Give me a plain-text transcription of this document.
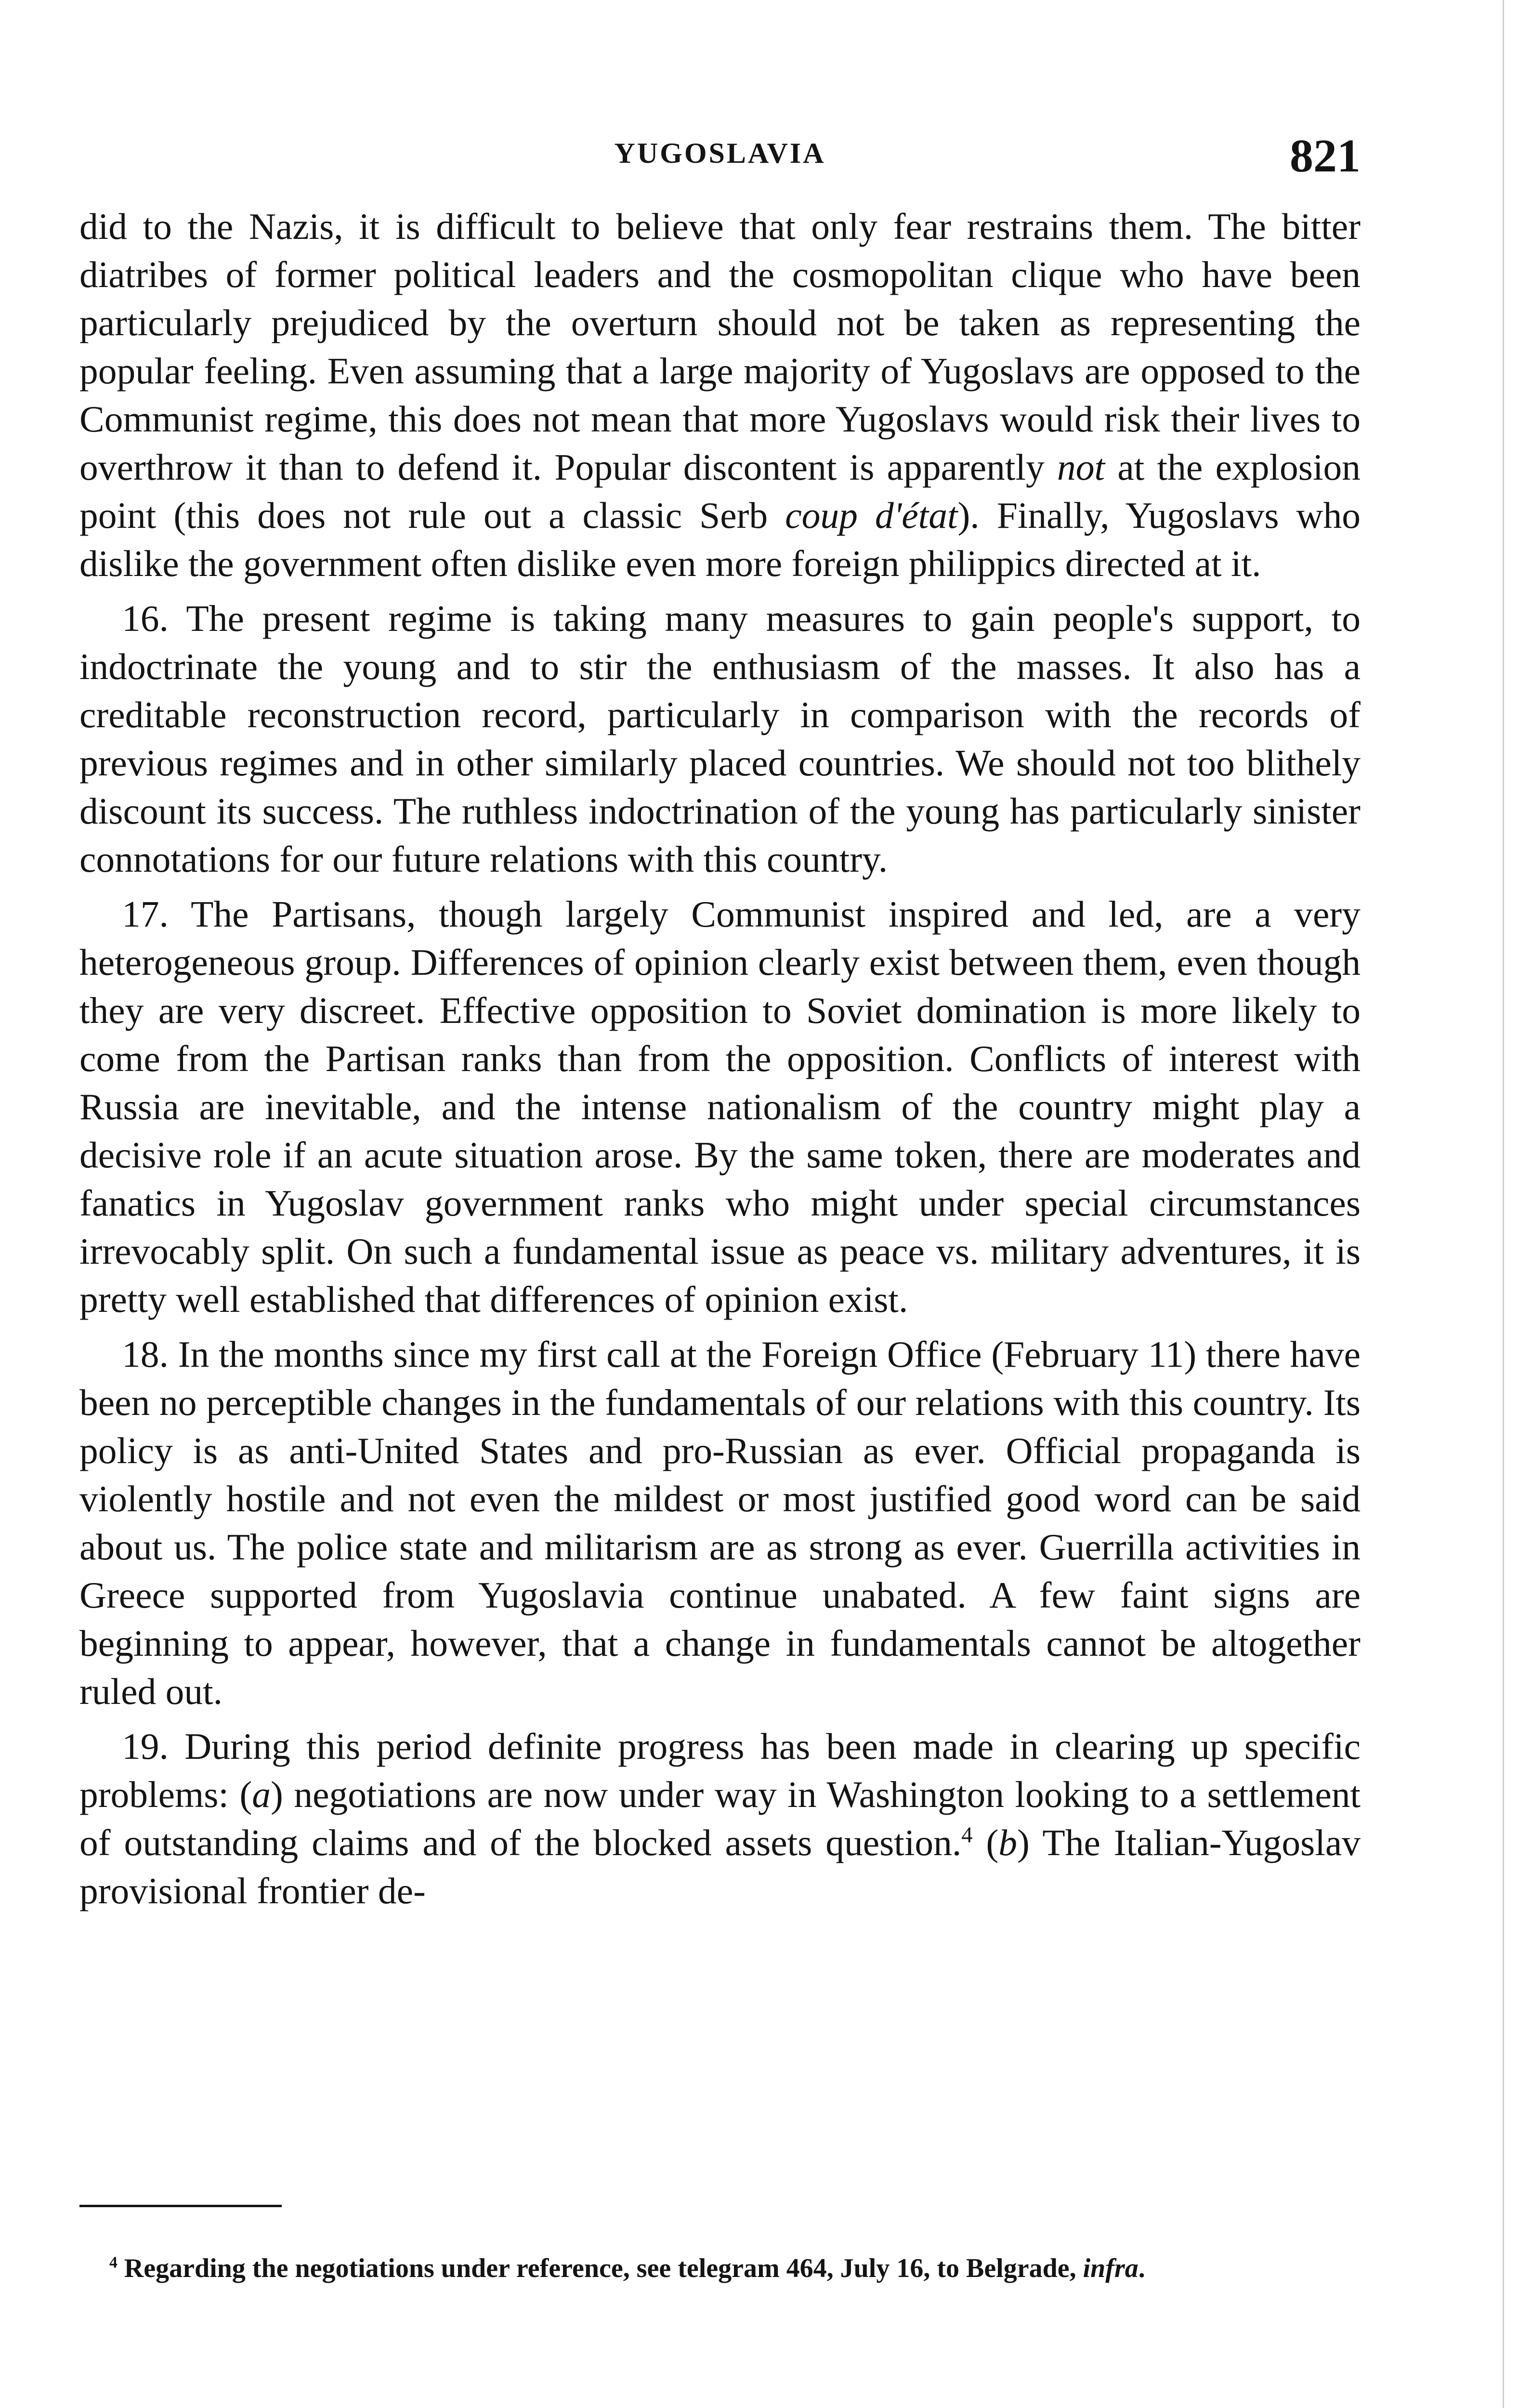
YUGOSLAVIA	821

did to the Nazis, it is difficult to believe that only fear restrains them. The bitter diatribes of former political leaders and the cosmopolitan clique who have been particularly prejudiced by the overturn should not be taken as representing the popular feeling. Even assuming that a large majority of Yugoslavs are opposed to the Communist regime, this does not mean that more Yugoslavs would risk their lives to overthrow it than to defend it. Popular discontent is apparently not at the explosion point (this does not rule out a classic Serb coup d'état). Finally, Yugoslavs who dislike the government often dislike even more foreign philippics directed at it.

16. The present regime is taking many measures to gain people's support, to indoctrinate the young and to stir the enthusiasm of the masses. It also has a creditable reconstruction record, particularly in comparison with the records of previous regimes and in other similarly placed countries. We should not too blithely discount its success. The ruthless indoctrination of the young has particularly sinister connotations for our future relations with this country.

17. The Partisans, though largely Communist inspired and led, are a very heterogeneous group. Differences of opinion clearly exist between them, even though they are very discreet. Effective opposition to Soviet domination is more likely to come from the Partisan ranks than from the opposition. Conflicts of interest with Russia are inevitable, and the intense nationalism of the country might play a decisive role if an acute situation arose. By the same token, there are moderates and fanatics in Yugoslav government ranks who might under special circumstances irrevocably split. On such a fundamental issue as peace vs. military adventures, it is pretty well established that differences of opinion exist.

18. In the months since my first call at the Foreign Office (February 11) there have been no perceptible changes in the fundamentals of our relations with this country. Its policy is as anti-United States and pro-Russian as ever. Official propaganda is violently hostile and not even the mildest or most justified good word can be said about us. The police state and militarism are as strong as ever. Guerrilla activities in Greece supported from Yugoslavia continue unabated. A few faint signs are beginning to appear, however, that a change in fundamentals cannot be altogether ruled out.

19. During this period definite progress has been made in clearing up specific problems: (a) negotiations are now under way in Washington looking to a settlement of outstanding claims and of the blocked assets question.$^4$ (b) The Italian-Yugoslav provisional frontier de-

$^4$ Regarding the negotiations under reference, see telegram 464, July 16, to Belgrade, infra.
